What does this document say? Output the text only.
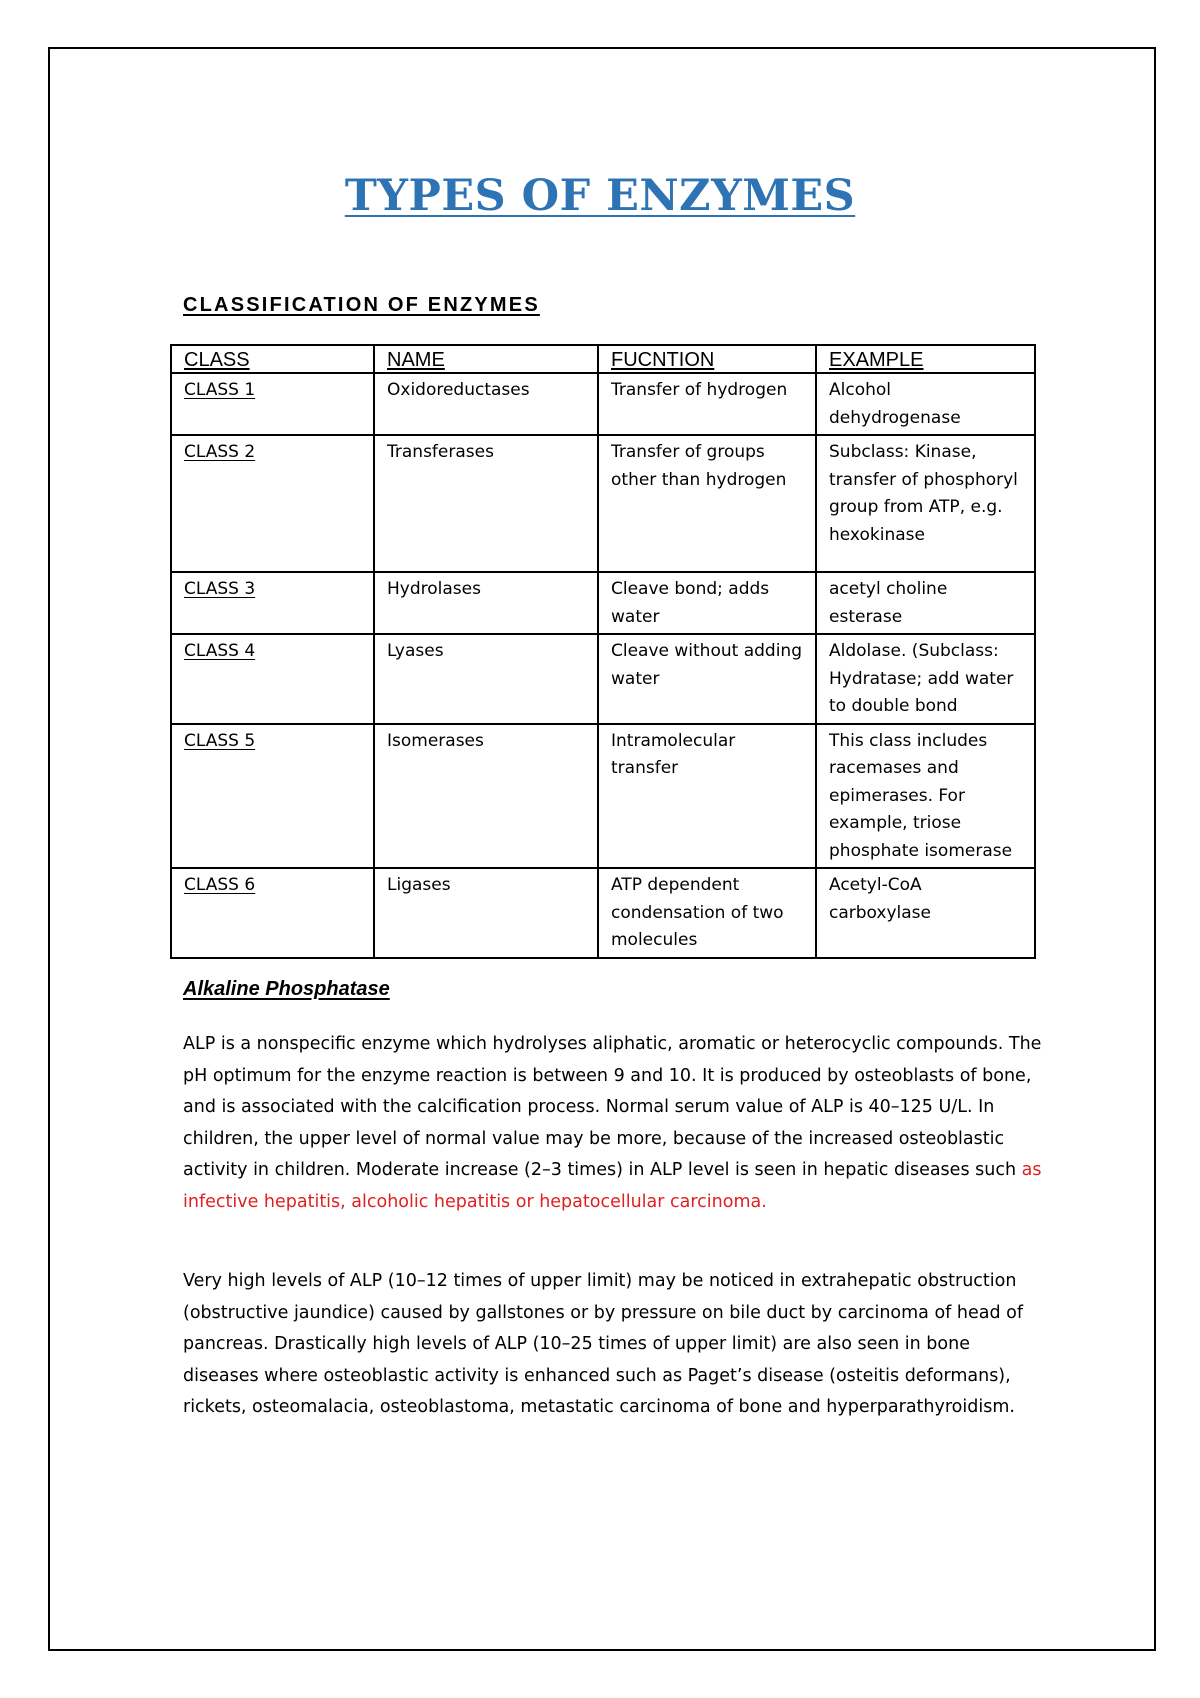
TYPES OF ENZYMES
CLASSIFICATION OF ENZYMES
CLASS	NAME	FUCNTION	EXAMPLE
CLASS 1	Oxidoreductases	Transfer of hydrogen	Alcohol dehydrogenase
CLASS 2	Transferases	Transfer of groups other than hydrogen	Subclass: Kinase, transfer of phosphoryl group from ATP, e.g. hexokinase
CLASS 3	Hydrolases	Cleave bond; adds water	acetyl choline esterase
CLASS 4	Lyases	Cleave without adding water	Aldolase. (Subclass: Hydratase; add water to double bond
CLASS 5	Isomerases	Intramolecular transfer	This class includes racemases and epimerases. For example, triose phosphate isomerase
CLASS 6	Ligases	ATP dependent condensation of two molecules	Acetyl-CoA carboxylase
Alkaline Phosphatase

ALP is a nonspecific enzyme which hydrolyses aliphatic, aromatic or heterocyclic compounds. The pH optimum for the enzyme reaction is between 9 and 10. It is produced by osteoblasts of bone, and is associated with the calcification process. Normal serum value of ALP is 40–125 U/L. In children, the upper level of normal value may be more, because of the increased osteoblastic activity in children. Moderate increase (2–3 times) in ALP level is seen in hepatic diseases such as infective hepatitis, alcoholic hepatitis or hepatocellular carcinoma.

Very high levels of ALP (10–12 times of upper limit) may be noticed in extrahepatic obstruction (obstructive jaundice) caused by gallstones or by pressure on bile duct by carcinoma of head of pancreas. Drastically high levels of ALP (10–25 times of upper limit) are also seen in bone diseases where osteoblastic activity is enhanced such as Paget’s disease (osteitis deformans), rickets, osteomalacia, osteoblastoma, metastatic carcinoma of bone and hyperparathyroidism.
